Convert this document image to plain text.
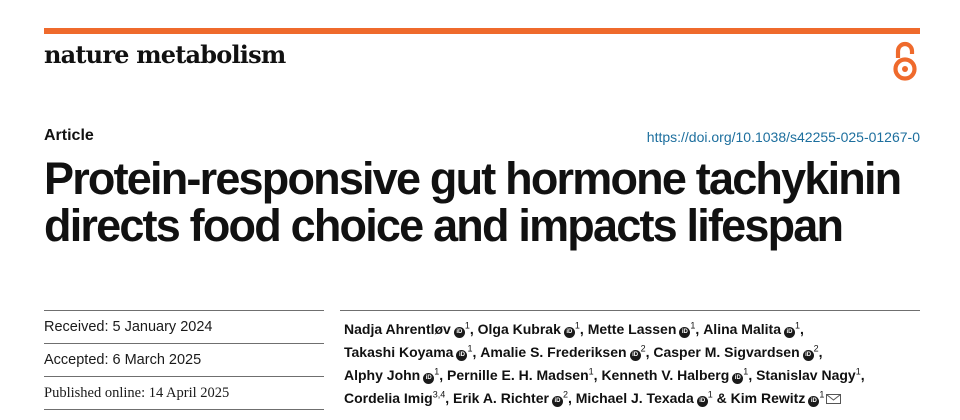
nature metabolism
Article	https://doi.org/10.1038/s42255-025-01267-0
Protein-responsive gut hormone tachykinin directs food choice and impacts lifespan
Received: 5 January 2024
Accepted: 6 March 2025
Published online: 14 April 2025
Nadja AhrentløviD $^1$, Olga KubrakiD $^1$, Mette LasseniD $^1$, Alina MalitaiD $^1$,
Takashi KoyamaiD $^1$, Amalie S. FrederikseniD $^2$, Casper M. SigvardseniD $^2$,
Alphy JohniD $^1$, Pernille E. H. Madsen$^1$, Kenneth V. HalbergiD $^1$, Stanislav Nagy$^1$,
Cordelia Imig$^{3,4}$, Erik A. RichteriD $^2$, Michael J. TexadaiD $^1$ & Kim RewitziD $^1$
